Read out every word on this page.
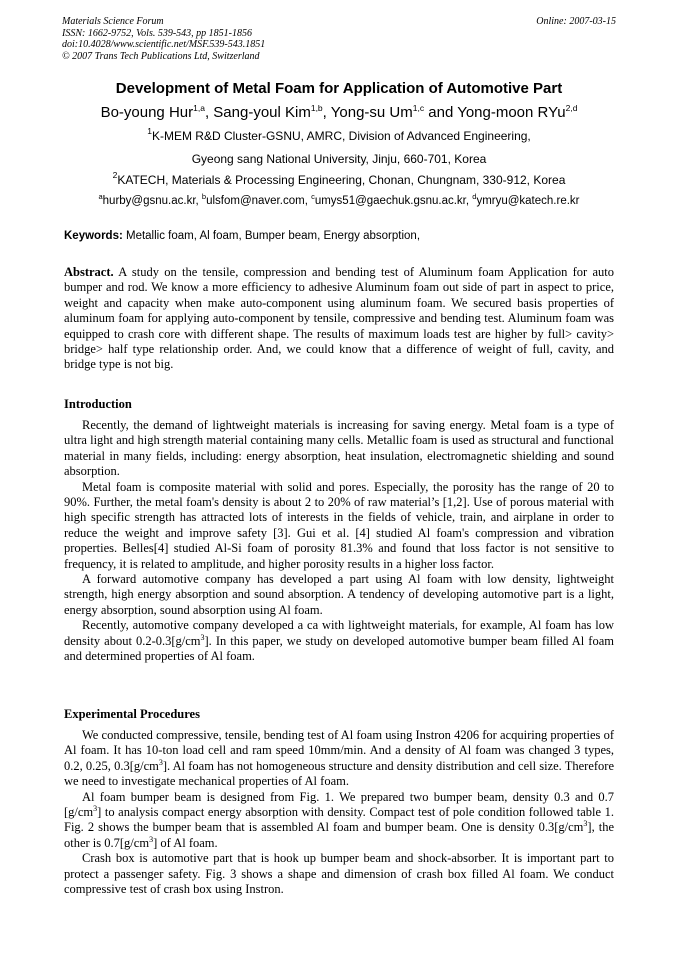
Materials Science Forum
ISSN: 1662-9752, Vols. 539-543, pp 1851-1856
doi:10.4028/www.scientific.net/MSF.539-543.1851
© 2007 Trans Tech Publications Ltd, Switzerland
Online: 2007-03-15
Development of Metal Foam for Application of Automotive Part
Bo-young Hur$^{1,a}$, Sang-youl Kim$^{1,b}$, Yong-su Um$^{1,c}$ and Yong-moon RYu$^{2,d}$
$^1$K-MEM R&D Cluster-GSNU, AMRC, Division of Advanced Engineering,
Gyeong sang National University, Jinju, 660-701, Korea
$^2$KATECH, Materials & Processing Engineering, Chonan, Chungnam, 330-912, Korea
$^a$hurby@gsnu.ac.kr, $^b$ulsfom@naver.com, $^c$umys51@gaechuk.gsnu.ac.kr, $^d$ymryu@katech.re.kr
Keywords: Metallic foam, Al foam, Bumper beam, Energy absorption,

Abstract. A study on the tensile, compression and bending test of Aluminum foam Application for auto bumper and rod. We know a more efficiency to adhesive Aluminum foam out side of part in aspect to price, weight and capacity when make auto-component using aluminum foam. We secured basis properties of aluminum foam for applying auto-component by tensile, compressive and bending test. Aluminum foam was equipped to crash core with different shape. The results of maximum loads test are higher by full> cavity> bridge> half type relationship order. And, we could know that a difference of weight of full, cavity, and bridge type is not big.

Introduction

Recently, the demand of lightweight materials is increasing for saving energy. Metal foam is a type of ultra light and high strength material containing many cells. Metallic foam is used as structural and functional material in many fields, including: energy absorption, heat insulation, electromagnetic shielding and sound absorption.

Metal foam is composite material with solid and pores. Especially, the porosity has the range of 20 to 90%. Further, the metal foam's density is about 2 to 20% of raw material’s [1,2]. Use of porous material with high specific strength has attracted lots of interests in the fields of vehicle, train, and airplane in order to reduce the weight and improve safety [3]. Gui et al. [4] studied Al foam's compression and vibration properties. Belles[4] studied Al-Si foam of porosity 81.3% and found that loss factor is not sensitive to frequency, it is related to amplitude, and higher porosity results in a higher loss factor.

A forward automotive company has developed a part using Al foam with low density, lightweight strength, high energy absorption and sound absorption. A tendency of developing automotive part is a light, energy absorption, sound absorption using Al foam.

Recently, automotive company developed a ca with lightweight materials, for example, Al foam has low density about $0.2-0.3[g/cm^3]$. In this paper, we study on developed automotive bumper beam filled Al foam and determined properties of Al foam.

Experimental Procedures

We conducted compressive, tensile, bending test of Al foam using Instron 4206 for acquiring properties of Al foam. It has 10-ton load cell and ram speed 10mm/min. And a density of Al foam was changed 3 types, 0.2, 0.25, $0.3[g/cm^3]$. Al foam has not homogeneous structure and density distribution and cell size. Therefore we need to investigate mechanical properties of Al foam.

Al foam bumper beam is designed from Fig. 1. We prepared two bumper beam, density 0.3 and 0.7 $[g/cm^3]$ to analysis compact energy absorption with density. Compact test of pole condition followed table 1. Fig. 2 shows the bumper beam that is assembled Al foam and bumper beam. One is density $0.3[g/cm^3]$, the other is $0.7[g/cm^3]$ of Al foam.

Crash box is automotive part that is hook up bumper beam and shock-absorber. It is important part to protect a passenger safety. Fig. 3 shows a shape and dimension of crash box filled Al foam. We conduct compressive test of crash box using Instron.
